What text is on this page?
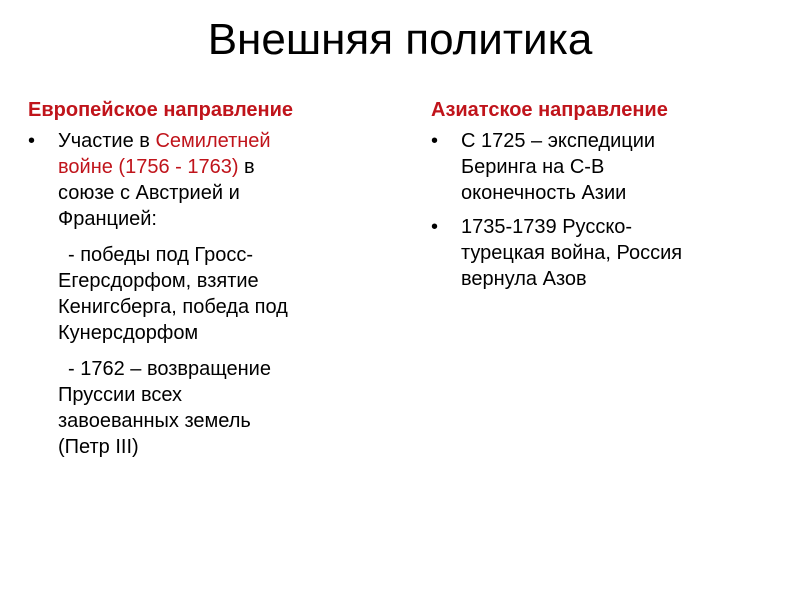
Внешняя политика
Европейское направление
• Участие в Семилетней
войне (1756 - 1763) в
союзе с Австрией и
Францией:
- победы под Гросс-
Егерсдорфом, взятие
Кенигсберга, победа под
Кунерсдорфом
- 1762 – возвращение
Пруссии всех
завоеванных земель
(Петр III)
Азиатское направление
• С 1725 – экспедиции
Беринга на С-В
оконечность Азии
• 1735-1739 Русско-
турецкая война, Россия
вернула Азов
